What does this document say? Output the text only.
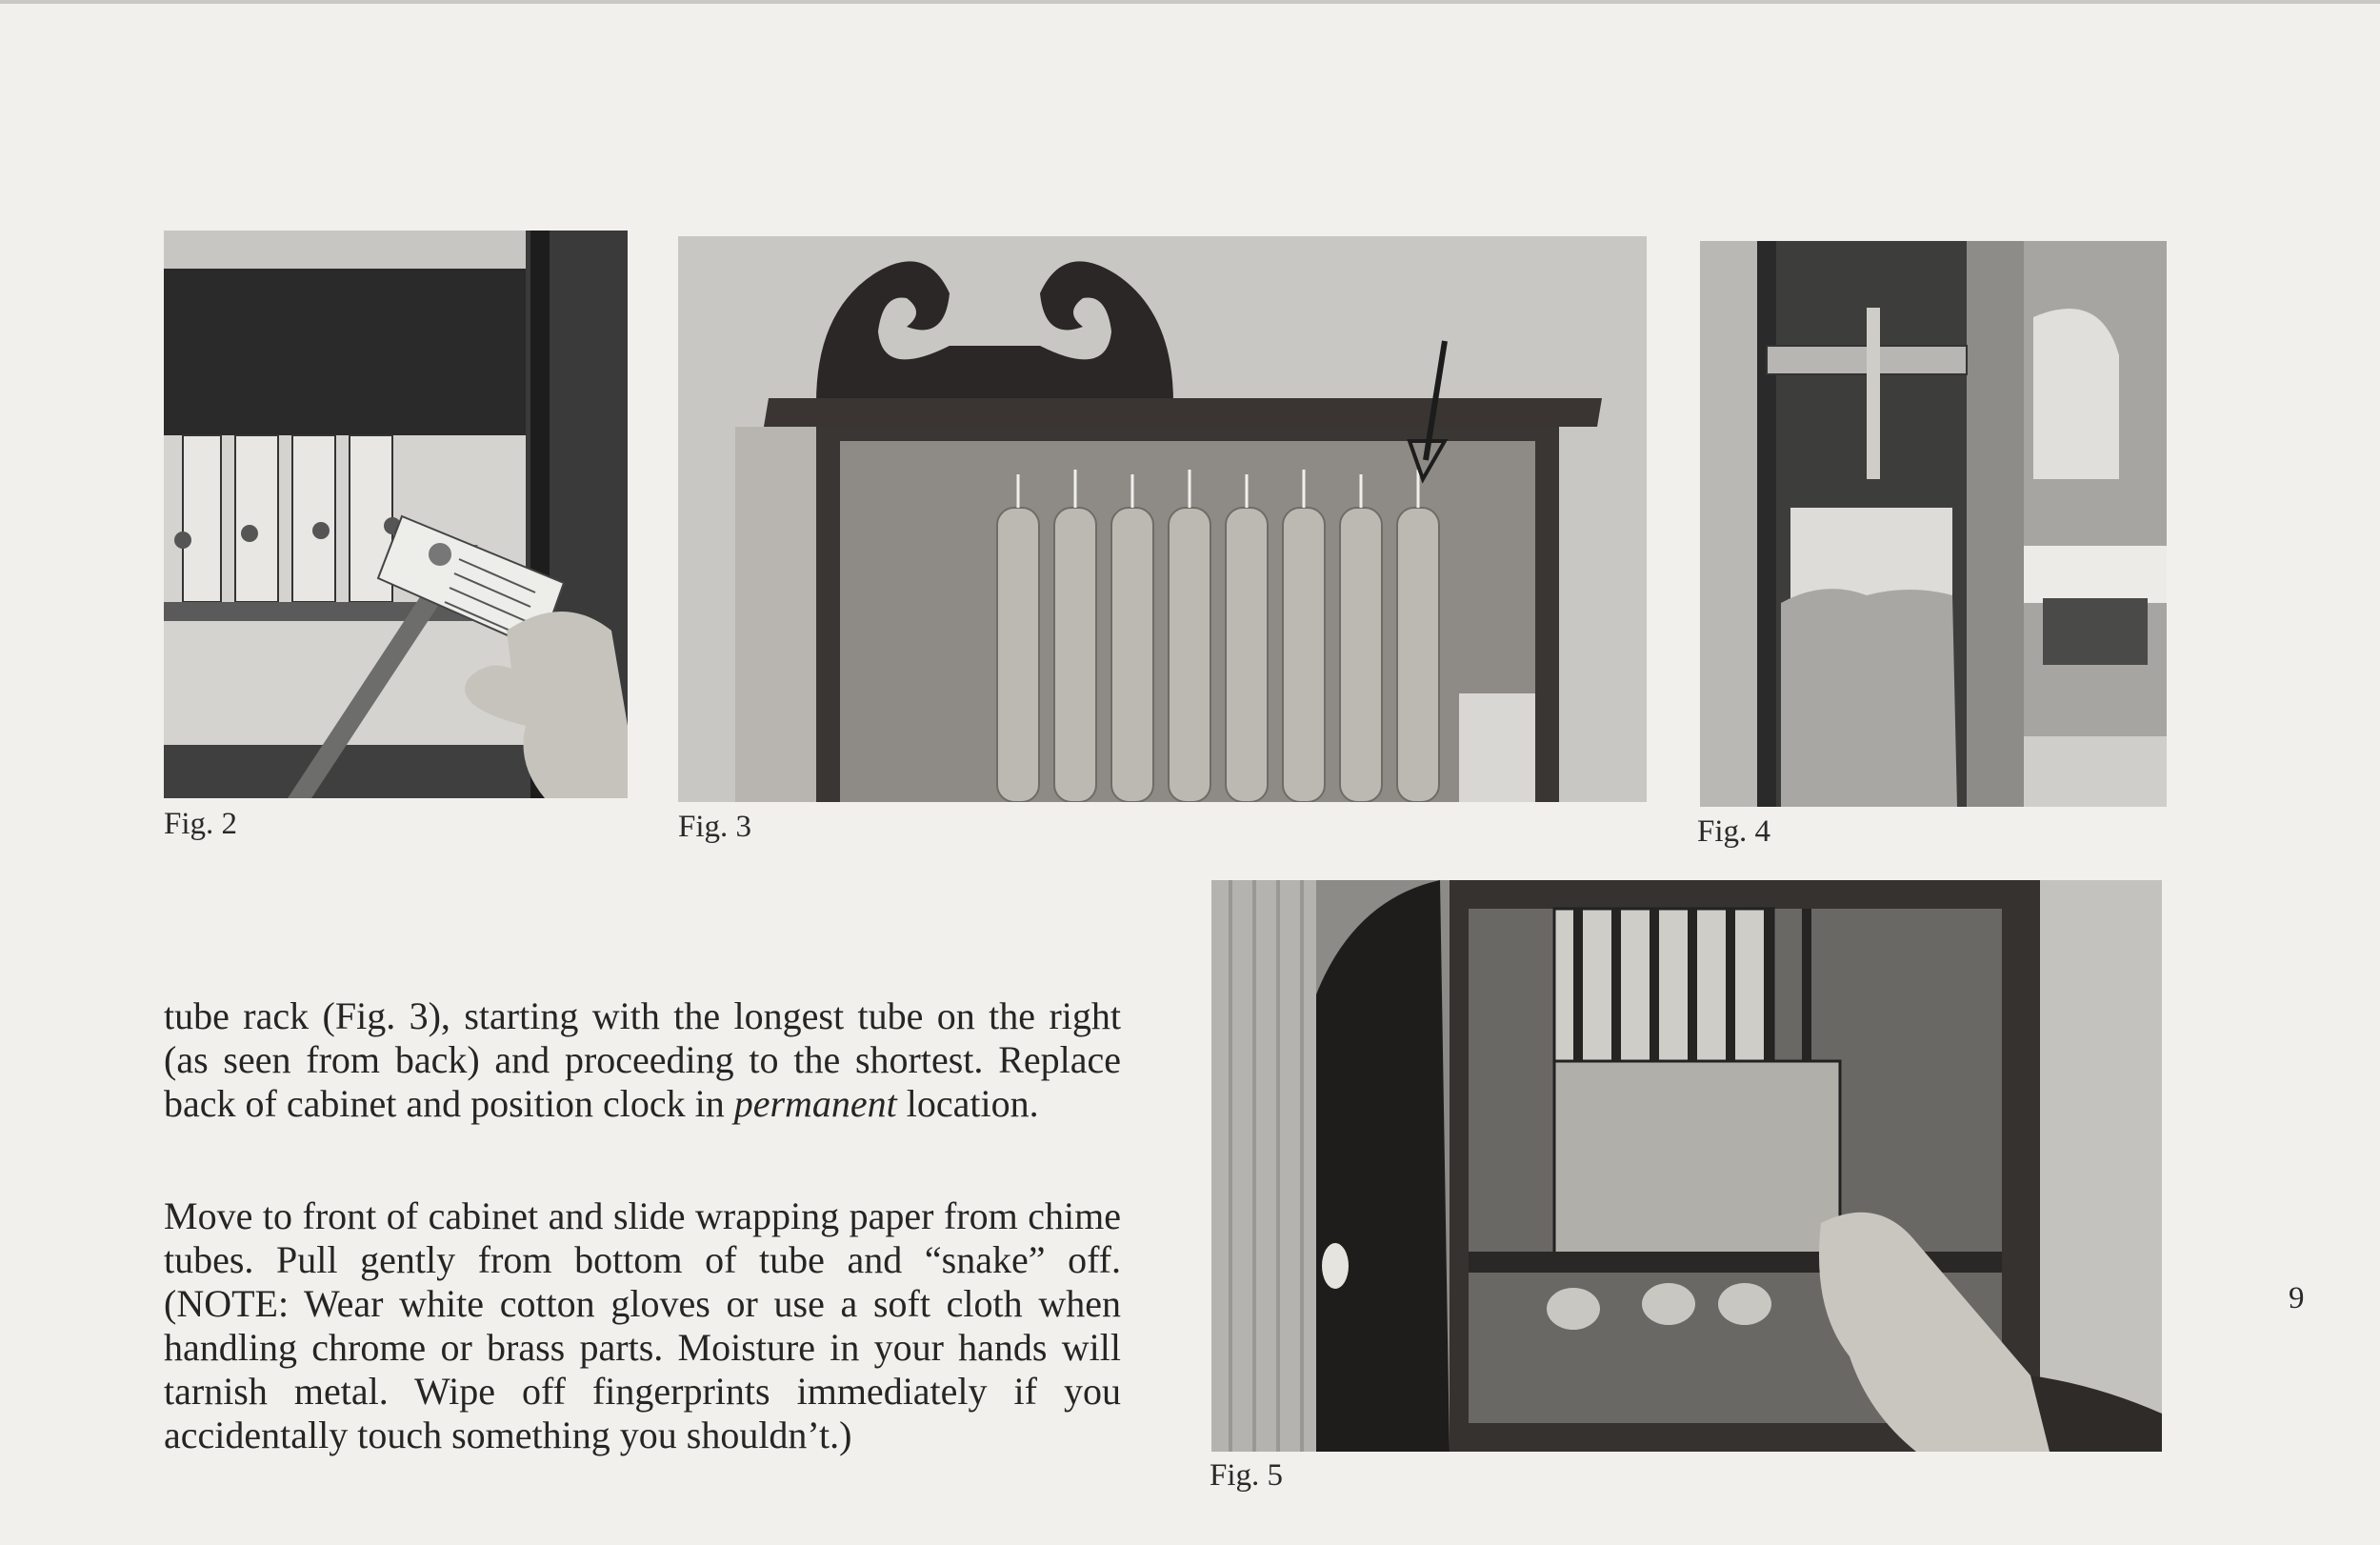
Fig. 2	Fig. 3	Fig. 4
Fig. 5

tube rack (Fig. 3), starting with the longest tube on the right (as seen from back) and proceeding to the shortest. Replace back of cabinet and position clock in permanent location.

Move to front of cabinet and slide wrapping paper from chime tubes. Pull gently from bottom of tube and “snake” off. (NOTE: Wear white cotton gloves or use a soft cloth when handling chrome or brass parts. Moisture in your hands will tarnish metal. Wipe off fingerprints immediately if you accidentally touch something you shouldn’t.)

9
